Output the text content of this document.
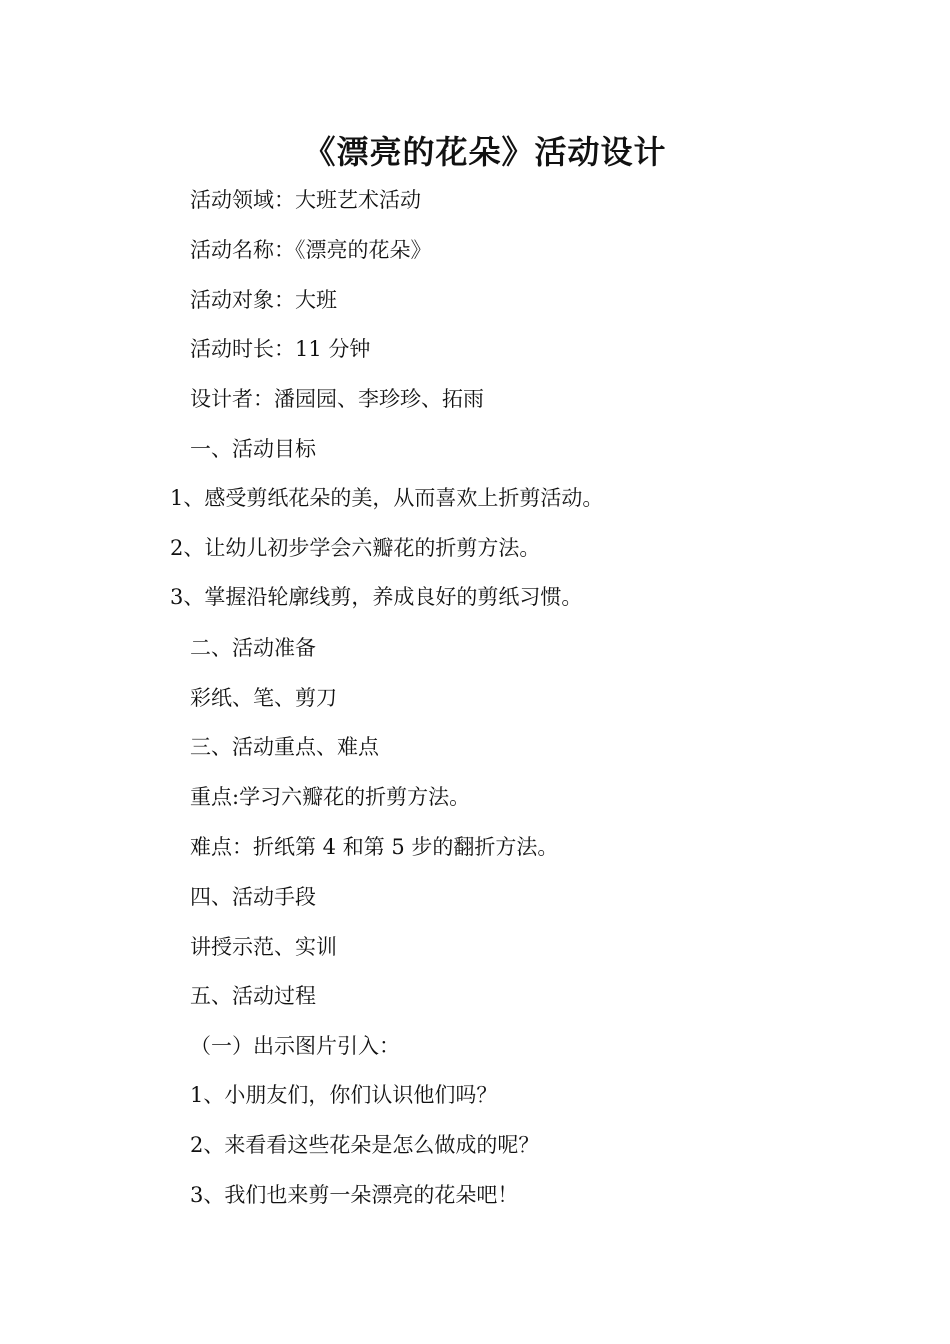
《漂亮的花朵》活动设计
活动领域：大班艺术活动
活动名称：《漂亮的花朵》
活动对象：大班
活动时长：11 分钟
设计者：潘园园、李珍珍、拓雨
一、活动目标
1、感受剪纸花朵的美，从而喜欢上折剪活动。
2、让幼儿初步学会六瓣花的折剪方法。
3、掌握沿轮廓线剪，养成良好的剪纸习惯。
二、活动准备
彩纸、笔、剪刀
三、活动重点、难点
重点:学习六瓣花的折剪方法。
难点：折纸第 4 和第 5 步的翻折方法。
四、活动手段
讲授示范、实训
五、活动过程
（一）出示图片引入：
1、小朋友们，你们认识他们吗？
2、来看看这些花朵是怎么做成的呢？
3、我们也来剪一朵漂亮的花朵吧！
